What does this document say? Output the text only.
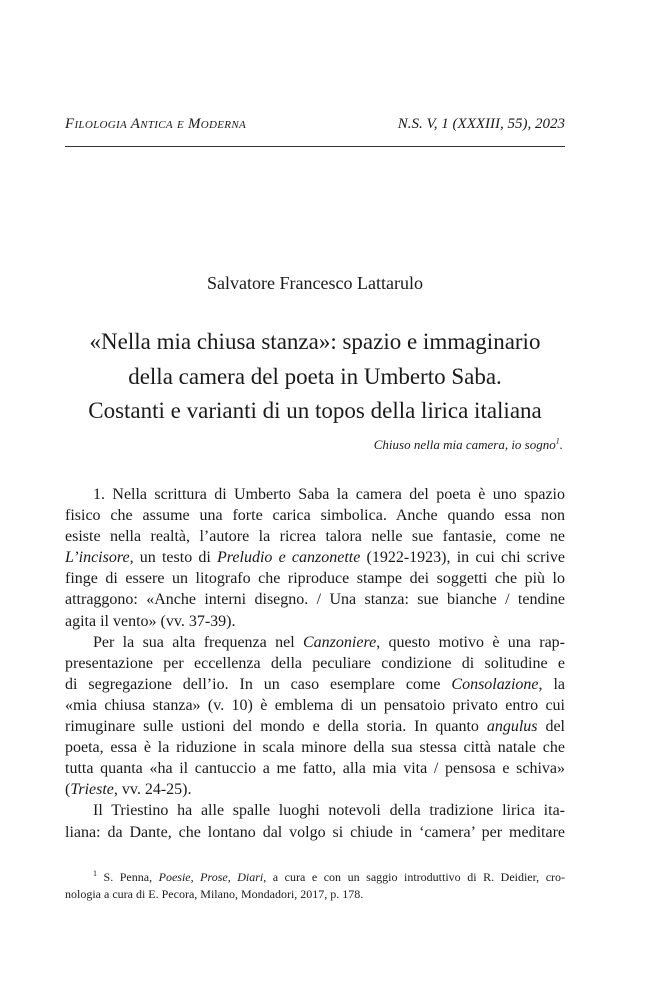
Filologia Antica e Moderna	N.S. V, 1 (XXXIII, 55), 2023
Salvatore Francesco Lattarulo
«Nella mia chiusa stanza»: spazio e immaginario
della camera del poeta in Umberto Saba.
Costanti e varianti di un topos della lirica italiana
Chiuso nella mia camera, io sogno$^1$.
1. Nella scrittura di Umberto Saba la camera del poeta è uno spazio
fisico che assume una forte carica simbolica. Anche quando essa non
esiste nella realtà, l’autore la ricrea talora nelle sue fantasie, come ne
L’incisore, un testo di Preludio e canzonette (1922-1923), in cui chi scrive
finge di essere un litografo che riproduce stampe dei soggetti che più lo
attraggono: «Anche interni disegno. / Una stanza: sue bianche / tendine
agita il vento» (vv. 37-39).
Per la sua alta frequenza nel Canzoniere, questo motivo è una rap-
presentazione per eccellenza della peculiare condizione di solitudine e
di segregazione dell’io. In un caso esemplare come Consolazione, la
«mia chiusa stanza» (v. 10) è emblema di un pensatoio privato entro cui
rimuginare sulle ustioni del mondo e della storia. In quanto angulus del
poeta, essa è la riduzione in scala minore della sua stessa città natale che
tutta quanta «ha il cantuccio a me fatto, alla mia vita / pensosa e schiva»
(Trieste, vv. 24-25).
Il Triestino ha alle spalle luoghi notevoli della tradizione lirica ita-
liana: da Dante, che lontano dal volgo si chiude in ‘camera’ per meditare
$^1$ S. Penna, Poesie, Prose, Diari, a cura e con un saggio introduttivo di R. Deidier, cro-
nologia a cura di E. Pecora, Milano, Mondadori, 2017, p. 178.
